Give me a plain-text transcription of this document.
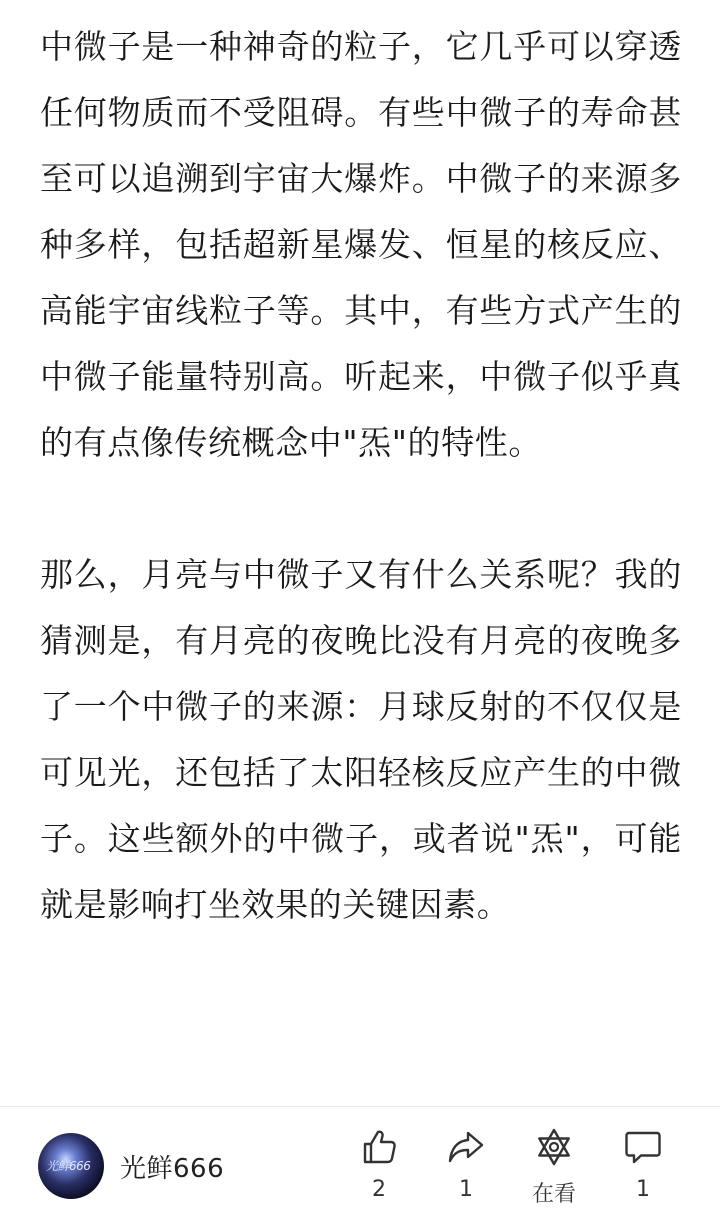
中微子是一种神奇的粒子，它几乎可以穿透任何物质而不受阻碍。有些中微子的寿命甚至可以追溯到宇宙大爆炸。中微子的来源多种多样，包括超新星爆发、恒星的核反应、高能宇宙线粒子等。其中，有些方式产生的中微子能量特别高。听起来，中微子似乎真的有点像传统概念中"炁"的特性。

那么，月亮与中微子又有什么关系呢？我的猜测是，有月亮的夜晚比没有月亮的夜晚多了一个中微子的来源：月球反射的不仅仅是可见光，还包括了太阳轻核反应产生的中微子。这些额外的中微子，或者说"炁"，可能就是影响打坐效果的关键因素。

光鲜666 光鲜666
2	1	在看	1
